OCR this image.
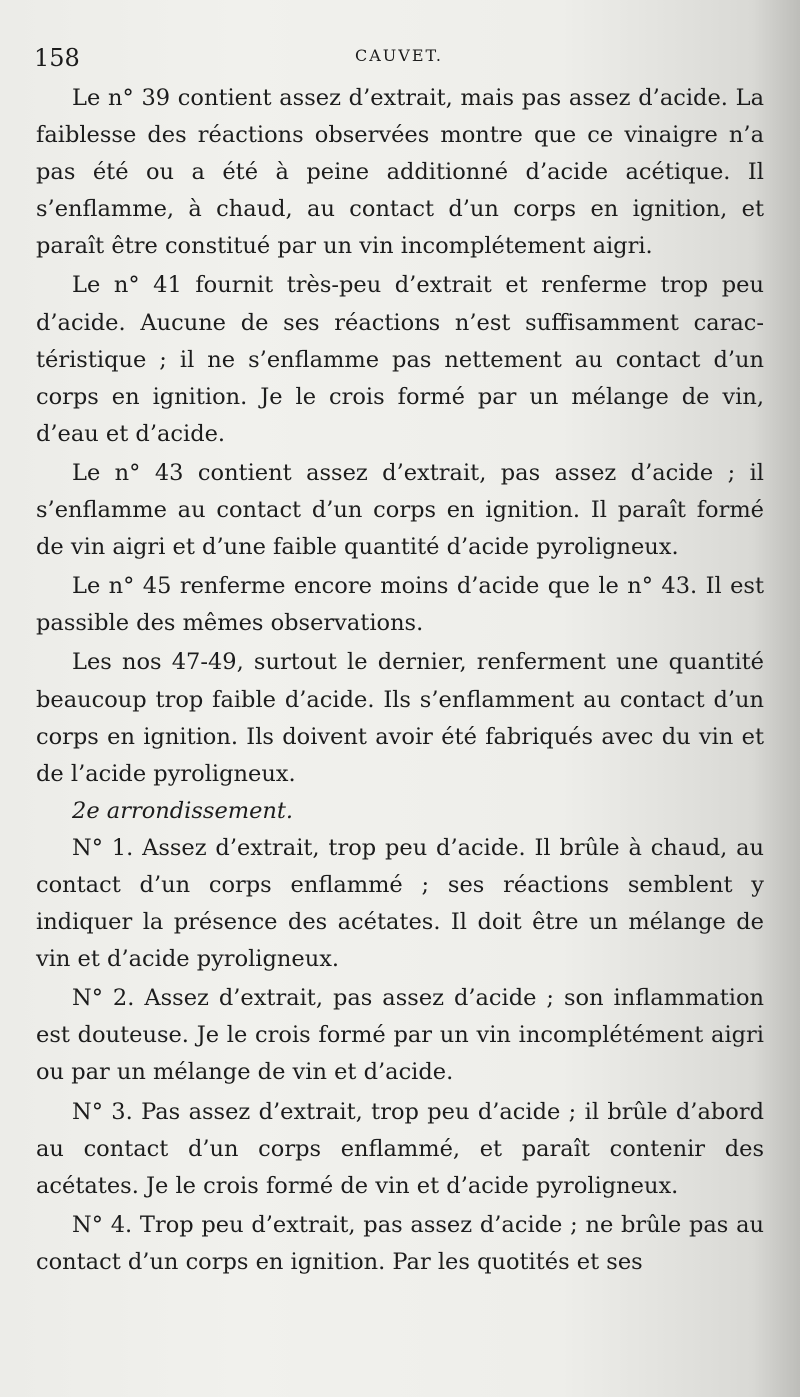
158	CAUVET.

Le n° 39 contient assez d’extrait, mais pas assez d’acide. La faiblesse des réactions observées montre que ce vinaigre n’a pas été ou a été à peine additionné d’acide acétique. Il s’enflamme, à chaud, au contact d’un corps en ignition, et paraît être constitué par un vin incomplétement aigri.

Le n° 41 fournit très-peu d’extrait et renferme trop peu d’acide. Aucune de ses réactions n’est suffisamment caractéristique ; il ne s’enflamme pas nettement au contact d’un corps en ignition. Je le crois formé par un mélange de vin, d’eau et d’acide.

Le n° 43 contient assez d’extrait, pas assez d’acide ; il s’enflamme au contact d’un corps en ignition. Il paraît formé de vin aigri et d’une faible quantité d’acide pyroligneux.

Le n° 45 renferme encore moins d’acide que le n° 43. Il est passible des mêmes observations.

Les nos 47-49, surtout le dernier, renferment une quantité beaucoup trop faible d’acide. Ils s’enflamment au contact d’un corps en ignition. Ils doivent avoir été fabriqués avec du vin et de l’acide pyroligneux.

2e arrondissement.

N° 1. Assez d’extrait, trop peu d’acide. Il brûle à chaud, au contact d’un corps enflammé ; ses réactions semblent y indiquer la présence des acétates. Il doit être un mélange de vin et d’acide pyroligneux.

N° 2. Assez d’extrait, pas assez d’acide ; son inflammation est douteuse. Je le crois formé par un vin incomplétément aigri ou par un mélange de vin et d’acide.

N° 3. Pas assez d’extrait, trop peu d’acide ; il brûle d’abord au contact d’un corps enflammé, et paraît contenir des acétates. Je le crois formé de vin et d’acide pyroligneux.

N° 4. Trop peu d’extrait, pas assez d’acide ; ne brûle pas au contact d’un corps en ignition. Par les quotités et ses
